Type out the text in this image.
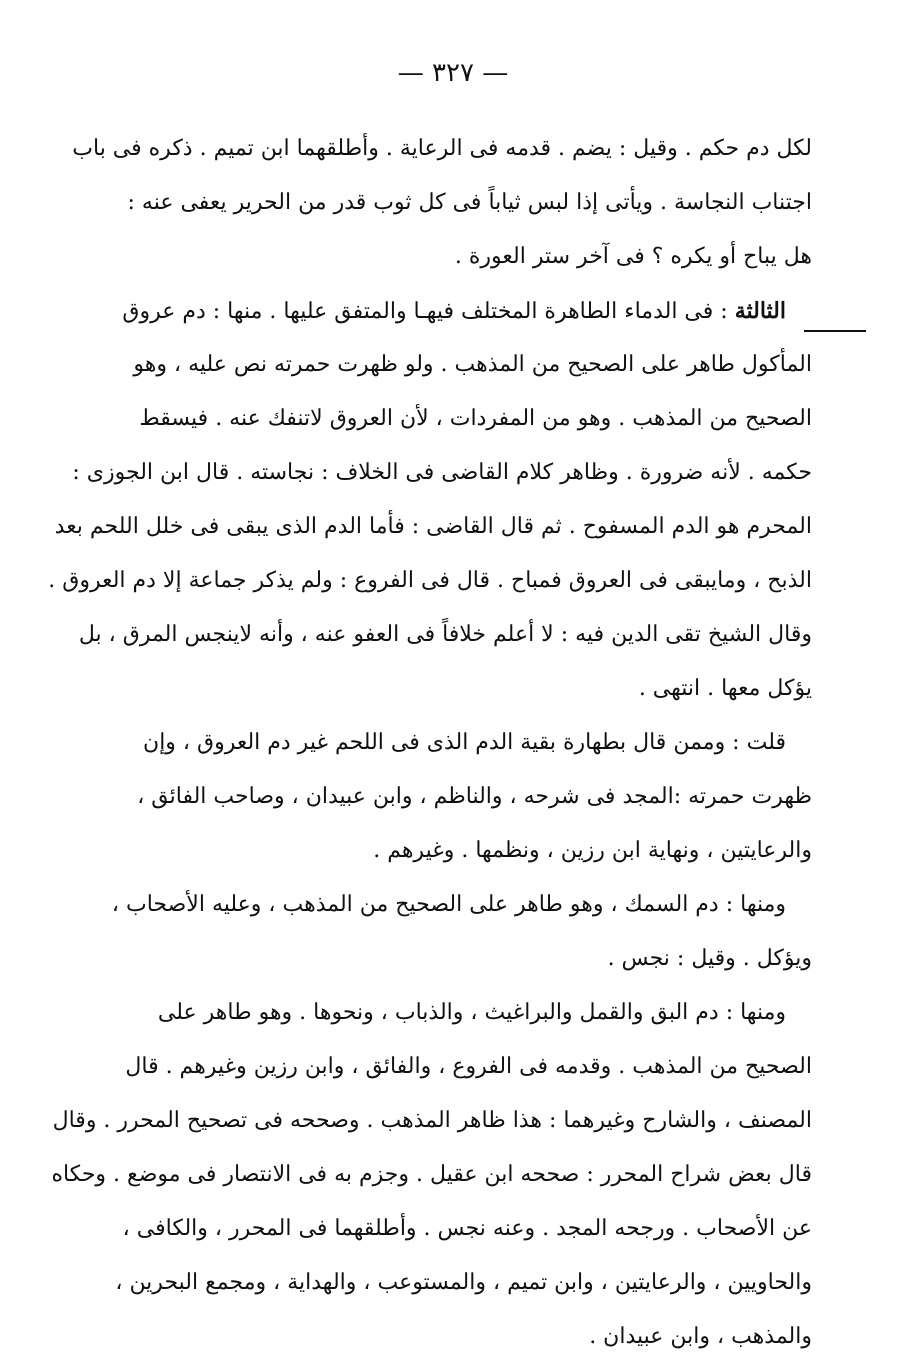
— ٣٢٧ —
لكل دم حكم . وقيل : يضم . قدمه فى الرعاية . وأطلقهما ابن تميم . ذكره فى باب
اجتناب النجاسة . ويأتى إذا لبس ثياباً فى كل ثوب قدر من الحرير يعفى عنه :
هل يباح أو يكره ؟ فى آخر ستر العورة .
الثالثة : فى الدماء الطاهرة المختلف فيهـا والمتفق عليها . منها : دم عروق
المأكول طاهر على الصحيح من المذهب . ولو ظهرت حمرته نص عليه ، وهو
الصحيح من المذهب . وهو من المفردات ، لأن العروق لاتنفك عنه . فيسقط
حكمه . لأنه ضرورة . وظاهر كلام القاضى فى الخلاف : نجاسته . قال ابن الجوزى :
المحرم هو الدم المسفوح . ثم قال القاضى : فأما الدم الذى يبقى فى خلل اللحم بعد
الذبح ، ومايبقى فى العروق فمباح . قال فى الفروع : ولم يذكر جماعة إلا دم العروق .
وقال الشيخ تقى الدين فيه : لا أعلم خلافاً فى العفو عنه ، وأنه لاينجس المرق ، بل
يؤكل معها . انتهى .
قلت : وممن قال بطهارة بقية الدم الذى فى اللحم غير دم العروق ، وإن
ظهرت حمرته :المجد فى شرحه ، والناظم ، وابن عبيدان ، وصاحب الفائق ،
والرعايتين ، ونهاية ابن رزين ، ونظمها . وغيرهم .
ومنها : دم السمك ، وهو طاهر على الصحيح من المذهب ، وعليه الأصحاب ،
ويؤكل . وقيل : نجس .
ومنها : دم البق والقمل والبراغيث ، والذباب ، ونحوها . وهو طاهر على
الصحيح من المذهب . وقدمه فى الفروع ، والفائق ، وابن رزين وغيرهم . قال
المصنف ، والشارح وغيرهما : هذا ظاهر المذهب . وصححه فى تصحيح المحرر . وقال
قال بعض شراح المحرر : صححه ابن عقيل . وجزم به فى الانتصار فى موضع . وحكاه
عن الأصحاب . ورجحه المجد . وعنه نجس . وأطلقهما فى المحرر ، والكافى ،
والحاويين ، والرعايتين ، وابن تميم ، والمستوعب ، والهداية ، ومجمع البحرين ،
والمذهب ، وابن عبيدان .
